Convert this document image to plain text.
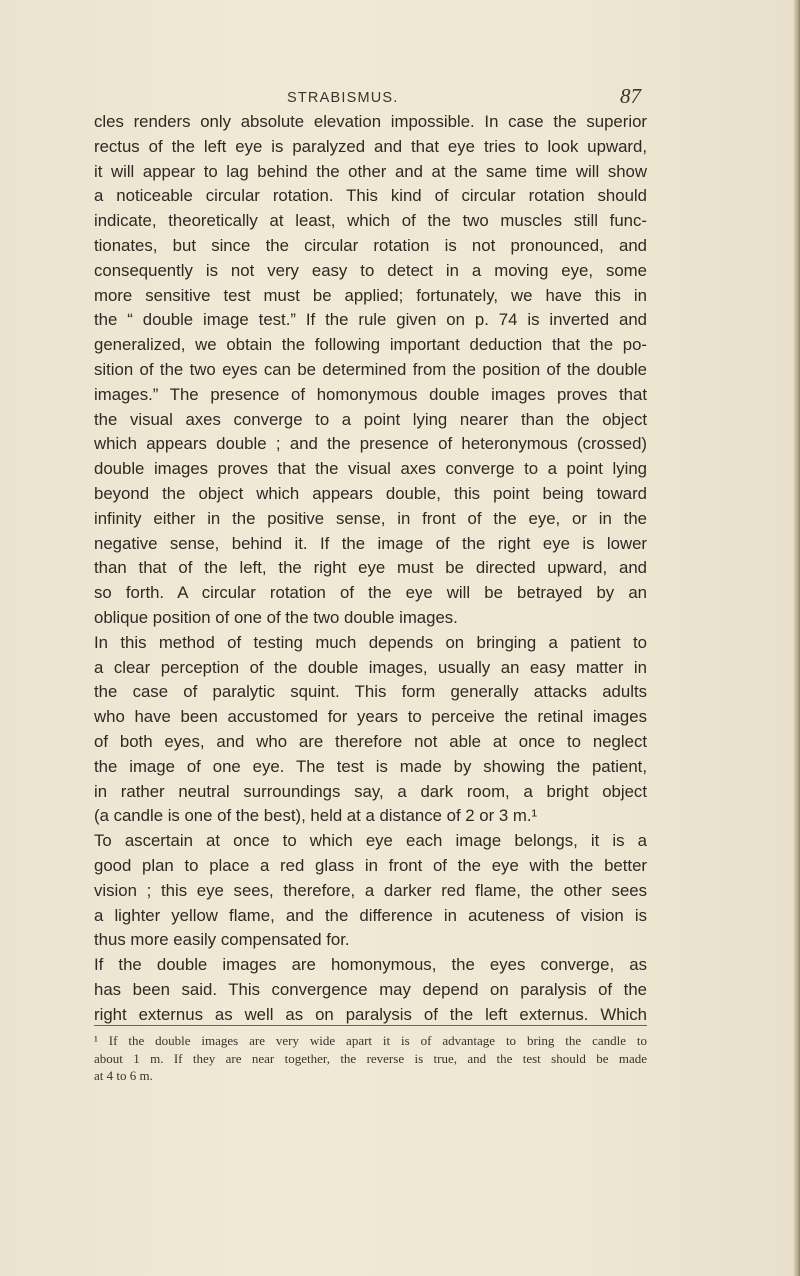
STRABISMUS.	87
cles renders only absolute elevation impossible. In case the superior
rectus of the left eye is paralyzed and that eye tries to look upward,
it will appear to lag behind the other and at the same time will show
a noticeable circular rotation. This kind of circular rotation should
indicate, theoretically at least, which of the two muscles still func-
tionates, but since the circular rotation is not pronounced, and
consequently is not very easy to detect in a moving eye, some
more sensitive test must be applied; fortunately, we have this in
the “ double image test.” If the rule given on p. 74 is inverted and
generalized, we obtain the following important deduction that the po-
sition of the two eyes can be determined from the position of the double
images.” The presence of homonymous double images proves that
the visual axes converge to a point lying nearer than the object
which appears double ; and the presence of heteronymous (crossed)
double images proves that the visual axes converge to a point lying
beyond the object which appears double, this point being toward
infinity either in the positive sense, in front of the eye, or in the
negative sense, behind it. If the image of the right eye is lower
than that of the left, the right eye must be directed upward, and
so forth. A circular rotation of the eye will be betrayed by an
oblique position of one of the two double images.
In this method of testing much depends on bringing a patient to
a clear perception of the double images, usually an easy matter in
the case of paralytic squint. This form generally attacks adults
who have been accustomed for years to perceive the retinal images
of both eyes, and who are therefore not able at once to neglect
the image of one eye. The test is made by showing the patient,
in rather neutral surroundings say, a dark room, a bright object
(a candle is one of the best), held at a distance of 2 or 3 m.¹
To ascertain at once to which eye each image belongs, it is a
good plan to place a red glass in front of the eye with the better
vision ; this eye sees, therefore, a darker red flame, the other sees
a lighter yellow flame, and the difference in acuteness of vision is
thus more easily compensated for.
If the double images are homonymous, the eyes converge, as
has been said. This convergence may depend on paralysis of the
right externus as well as on paralysis of the left externus. Which
¹ If the double images are very wide apart it is of advantage to bring the candle to
about 1 m. If they are near together, the reverse is true, and the test should be made
at 4 to 6 m.
